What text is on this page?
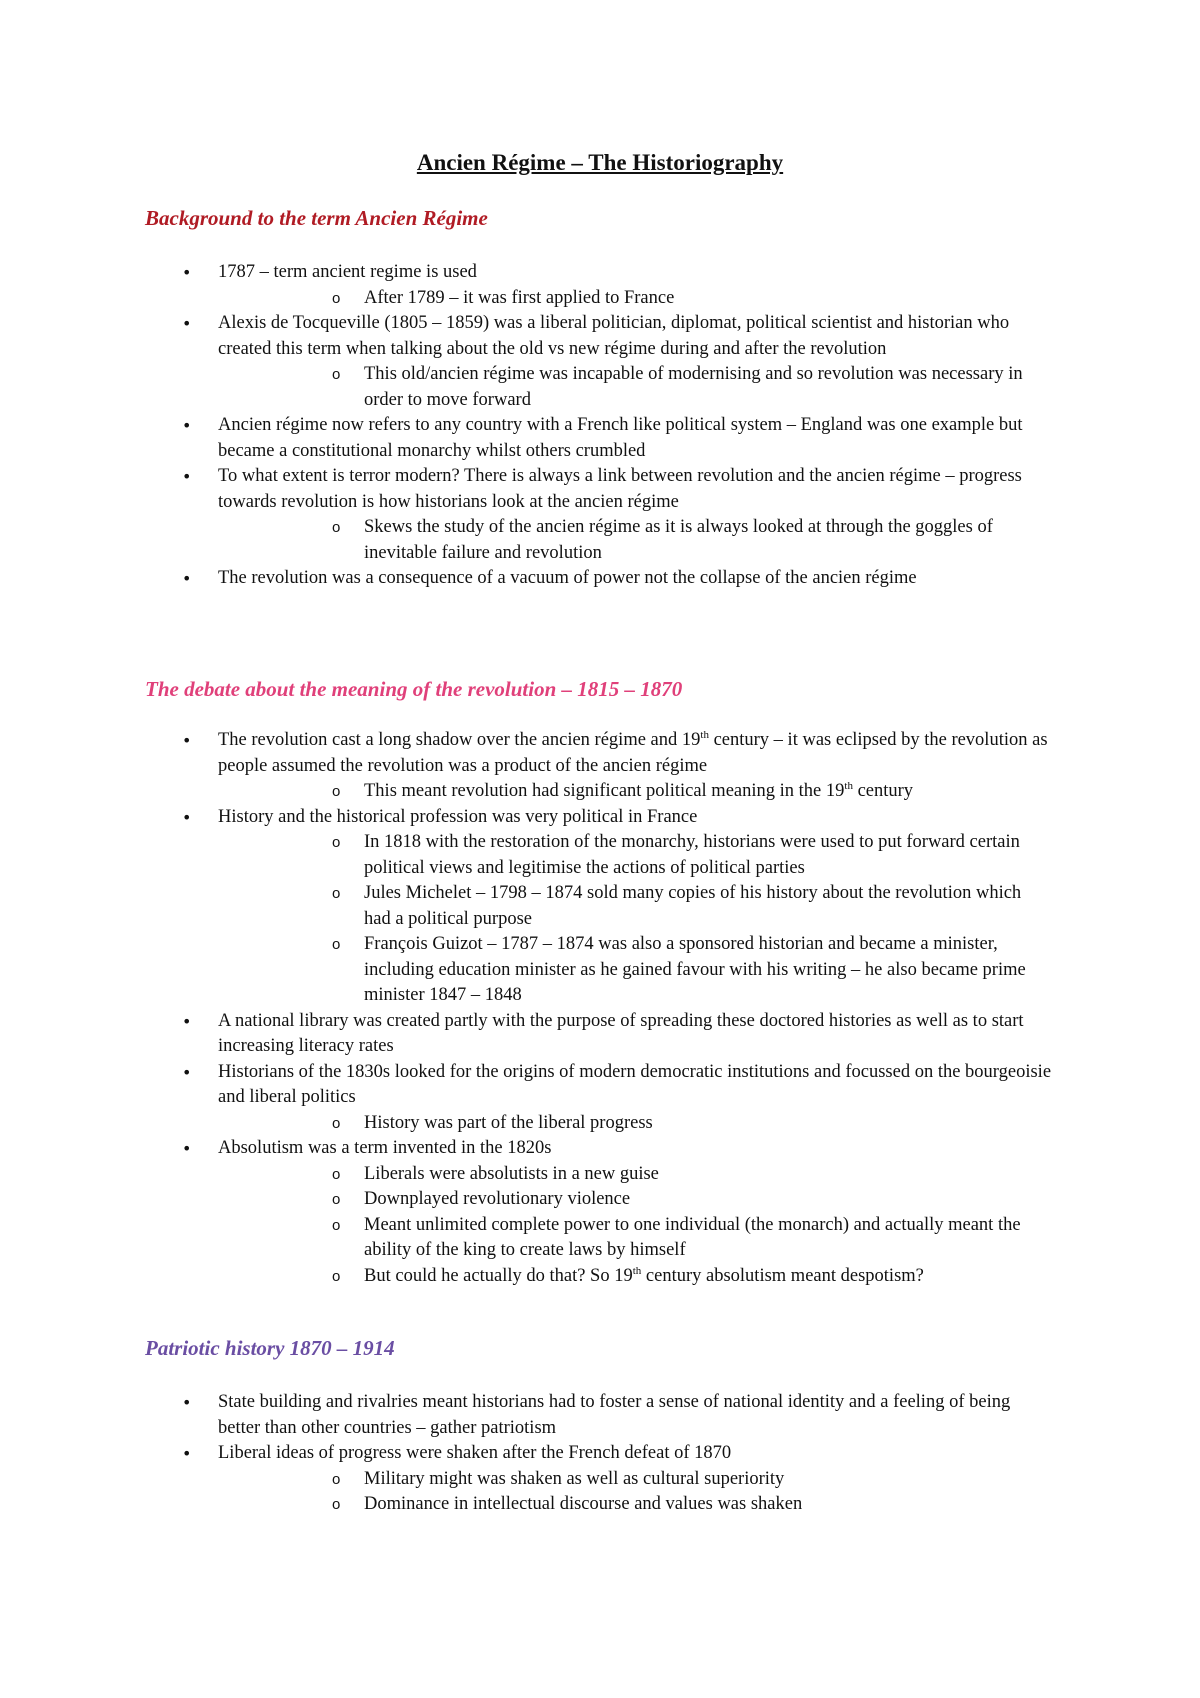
Ancien Régime – The Historiography
Background to the term Ancien Régime
• 1787 – term ancient regime is used
o After 1789 – it was first applied to France
• Alexis de Tocqueville (1805 – 1859) was a liberal politician, diplomat, political scientist and historian who created this term when talking about the old vs new régime during and after the revolution
o This old/ancien régime was incapable of modernising and so revolution was necessary in order to move forward
• Ancien régime now refers to any country with a French like political system – England was one example but became a constitutional monarchy whilst others crumbled
• To what extent is terror modern? There is always a link between revolution and the ancien régime – progress towards revolution is how historians look at the ancien régime
o Skews the study of the ancien régime as it is always looked at through the goggles of inevitable failure and revolution
• The revolution was a consequence of a vacuum of power not the collapse of the ancien régime
The debate about the meaning of the revolution – 1815 – 1870
• The revolution cast a long shadow over the ancien régime and 19th century – it was eclipsed by the revolution as people assumed the revolution was a product of the ancien régime
o This meant revolution had significant political meaning in the 19th century
• History and the historical profession was very political in France
o In 1818 with the restoration of the monarchy, historians were used to put forward certain political views and legitimise the actions of political parties
o Jules Michelet – 1798 – 1874 sold many copies of his history about the revolution which had a political purpose
o François Guizot – 1787 – 1874 was also a sponsored historian and became a minister, including education minister as he gained favour with his writing – he also became prime minister 1847 – 1848
• A national library was created partly with the purpose of spreading these doctored histories as well as to start increasing literacy rates
• Historians of the 1830s looked for the origins of modern democratic institutions and focussed on the bourgeoisie and liberal politics
o History was part of the liberal progress
• Absolutism was a term invented in the 1820s
o Liberals were absolutists in a new guise
o Downplayed revolutionary violence
o Meant unlimited complete power to one individual (the monarch) and actually meant the ability of the king to create laws by himself
o But could he actually do that? So 19th century absolutism meant despotism?
Patriotic history 1870 – 1914
• State building and rivalries meant historians had to foster a sense of national identity and a feeling of being better than other countries – gather patriotism
• Liberal ideas of progress were shaken after the French defeat of 1870
o Military might was shaken as well as cultural superiority
o Dominance in intellectual discourse and values was shaken
